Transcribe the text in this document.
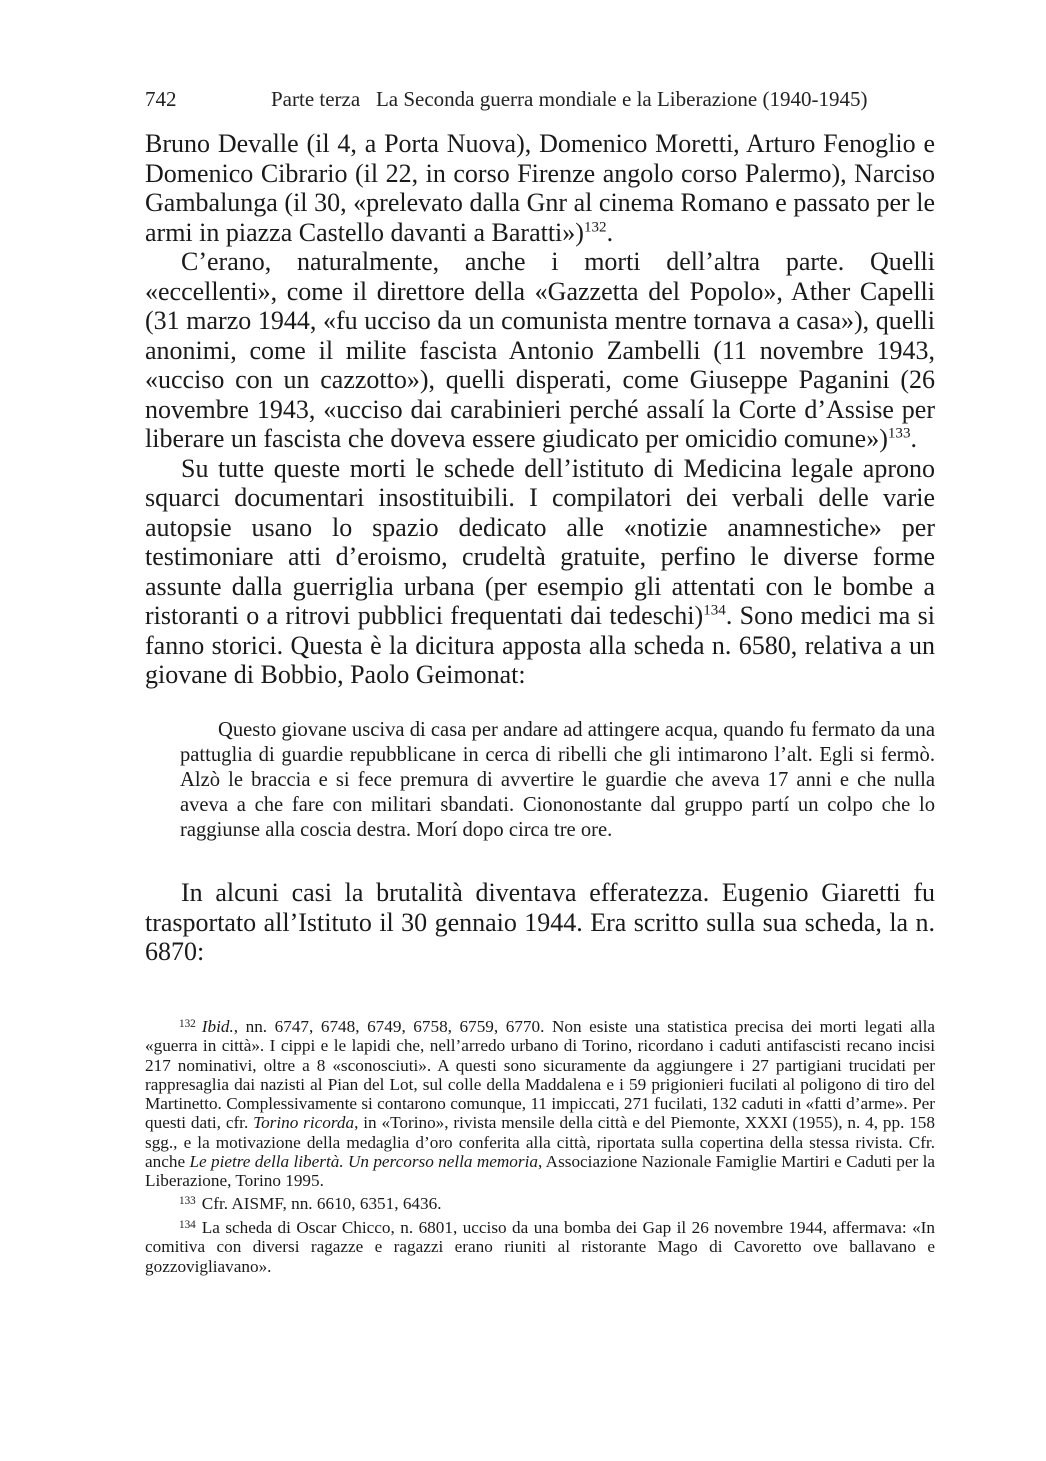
742	Parte terza   La Seconda guerra mondiale e la Liberazione (1940-1945)

Bruno Devalle (il 4, a Porta Nuova), Domenico Moretti, Arturo Fenoglio e Domenico Cibrario (il 22, in corso Firenze angolo corso Palermo), Narciso Gambalunga (il 30, «prelevato dalla Gnr al cinema Romano e passato per le armi in piazza Castello davanti a Baratti»)$^{132}$.

C’erano, naturalmente, anche i morti dell’altra parte. Quelli «eccellenti», come il direttore della «Gazzetta del Popolo», Ather Capelli (31 marzo 1944, «fu ucciso da un comunista mentre tornava a casa»), quelli anonimi, come il milite fascista Antonio Zambelli (11 novembre 1943, «ucciso con un cazzotto»), quelli disperati, come Giuseppe Paganini (26 novembre 1943, «ucciso dai carabinieri perché assalí la Corte d’Assise per liberare un fascista che doveva essere giudicato per omicidio comune»)$^{133}$.

Su tutte queste morti le schede dell’istituto di Medicina legale aprono squarci documentari insostituibili. I compilatori dei verbali delle varie autopsie usano lo spazio dedicato alle «notizie anamnestiche» per testimoniare atti d’eroismo, crudeltà gratuite, perfino le diverse forme assunte dalla guerriglia urbana (per esempio gli attentati con le bombe a ristoranti o a ritrovi pubblici frequentati dai tedeschi)$^{134}$. Sono medici ma si fanno storici. Questa è la dicitura apposta alla scheda n. 6580, relativa a un giovane di Bobbio, Paolo Geimonat:

Questo giovane usciva di casa per andare ad attingere acqua, quando fu fermato da una pattuglia di guardie repubblicane in cerca di ribelli che gli intimarono l’alt. Egli si fermò. Alzò le braccia e si fece premura di avvertire le guardie che aveva 17 anni e che nulla aveva a che fare con militari sbandati. Ciononostante dal gruppo partí un colpo che lo raggiunse alla coscia destra. Morí dopo circa tre ore.

In alcuni casi la brutalità diventava efferatezza. Eugenio Giaretti fu trasportato all’Istituto il 30 gennaio 1944. Era scritto sulla sua scheda, la n. 6870:

$^{132}$ Ibid., nn. 6747, 6748, 6749, 6758, 6759, 6770. Non esiste una statistica precisa dei morti legati alla «guerra in città». I cippi e le lapidi che, nell’arredo urbano di Torino, ricordano i caduti antifascisti recano incisi 217 nominativi, oltre a 8 «sconosciuti». A questi sono sicuramente da aggiungere i 27 partigiani trucidati per rappresaglia dai nazisti al Pian del Lot, sul colle della Maddalena e i 59 prigionieri fucilati al poligono di tiro del Martinetto. Complessivamente si contarono comunque, 11 impiccati, 271 fucilati, 132 caduti in «fatti d’arme». Per questi dati, cfr. Torino ricorda, in «Torino», rivista mensile della città e del Piemonte, XXXI (1955), n. 4, pp. 158 sgg., e la motivazione della medaglia d’oro conferita alla città, riportata sulla copertina della stessa rivista. Cfr. anche Le pietre della libertà. Un percorso nella memoria, Associazione Nazionale Famiglie Martiri e Caduti per la Liberazione, Torino 1995.

$^{133}$ Cfr. AISMF, nn. 6610, 6351, 6436.

$^{134}$ La scheda di Oscar Chicco, n. 6801, ucciso da una bomba dei Gap il 26 novembre 1944, affermava: «In comitiva con diversi ragazze e ragazzi erano riuniti al ristorante Mago di Cavoretto ove ballavano e gozzovigliavano».
